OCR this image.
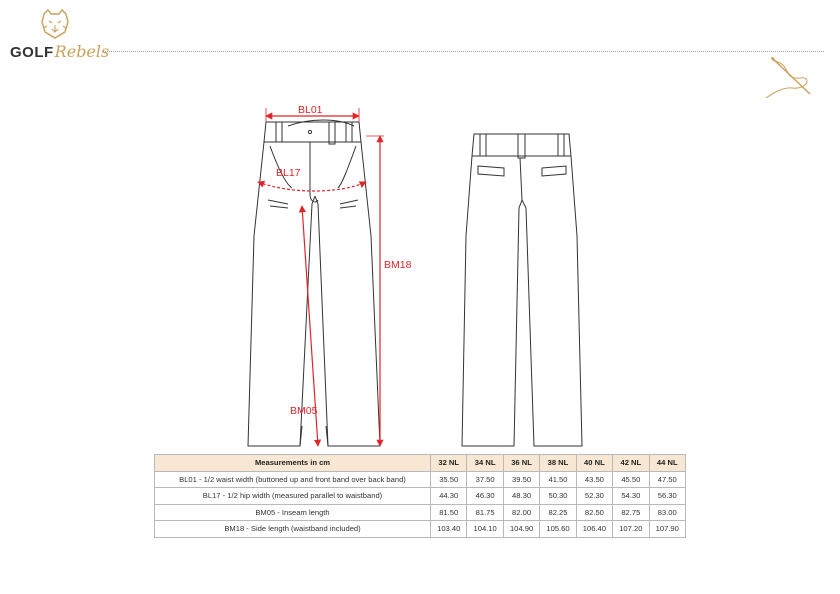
GOLFRebels
BL01
BL17
BM18
BM05
Measurements in cm	32 NL	34 NL	36 NL	38 NL	40 NL	42 NL	44 NL
BL01 - 1/2 waist width (buttoned up and front band over back band)	35.50	37.50	39.50	41.50	43.50	45.50	47.50
BL17 - 1/2 hip width (measured parallel to waistband)	44.30	46.30	48.30	50.30	52.30	54.30	56.30
BM05 - Inseam length	81.50	81.75	82.00	82.25	82.50	82.75	83.00
BM18 - Side length (waistband included)	103.40	104.10	104.90	105.60	106.40	107.20	107.90
